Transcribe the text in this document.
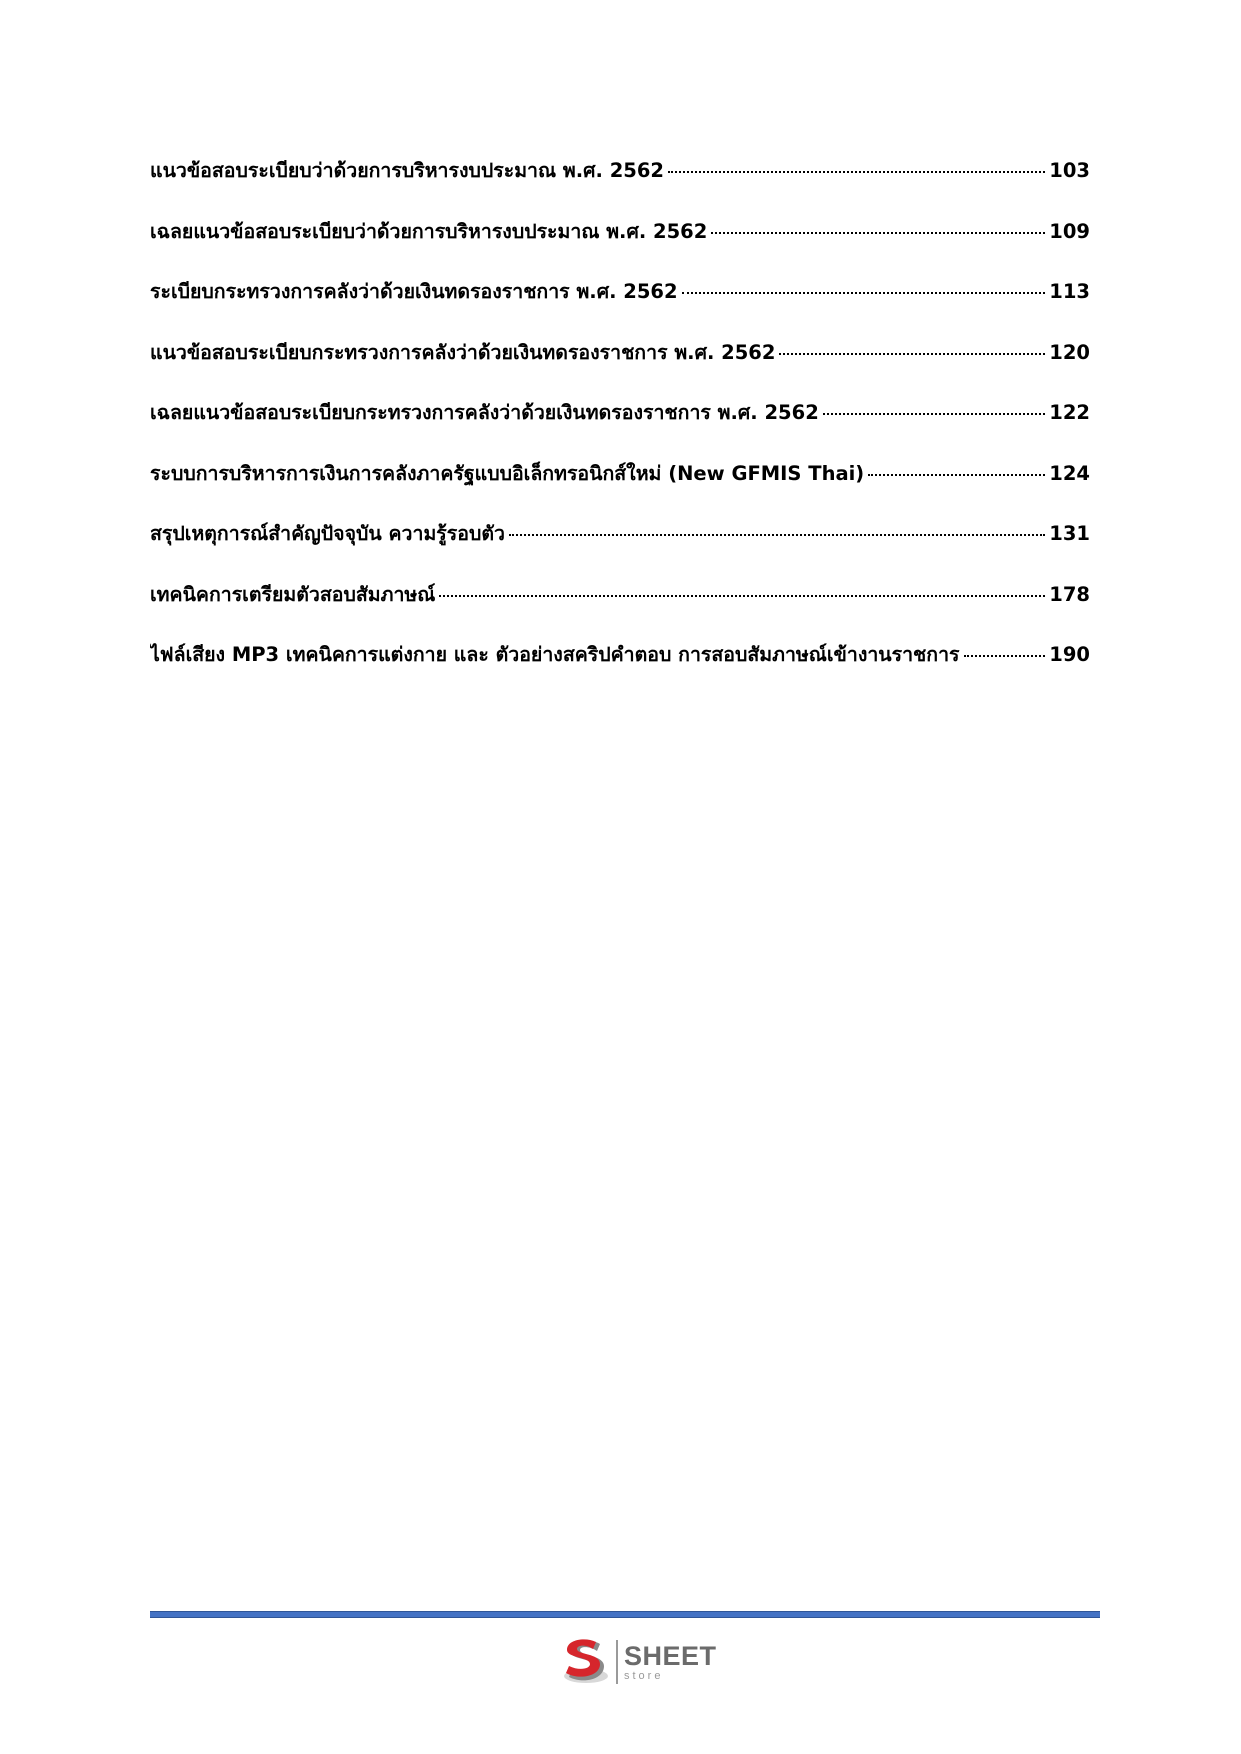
แนวข้อสอบระเบียบว่าด้วยการบริหารงบประมาณ พ.ศ. 2562	103
เฉลยแนวข้อสอบระเบียบว่าด้วยการบริหารงบประมาณ พ.ศ. 2562	109
ระเบียบกระทรวงการคลังว่าด้วยเงินทดรองราชการ พ.ศ. 2562	113
แนวข้อสอบระเบียบกระทรวงการคลังว่าด้วยเงินทดรองราชการ พ.ศ. 2562	120
เฉลยแนวข้อสอบระเบียบกระทรวงการคลังว่าด้วยเงินทดรองราชการ พ.ศ. 2562	122
ระบบการบริหารการเงินการคลังภาครัฐแบบอิเล็กทรอนิกส์ใหม่ (New GFMIS Thai)	124
สรุปเหตุการณ์สำคัญปัจจุบัน ความรู้รอบตัว	131
เทคนิคการเตรียมตัวสอบสัมภาษณ์	178
ไฟล์เสียง MP3 เทคนิคการแต่งกาย และ ตัวอย่างสคริปคำตอบ การสอบสัมภาษณ์เข้างานราชการ	190
SHEET
store
